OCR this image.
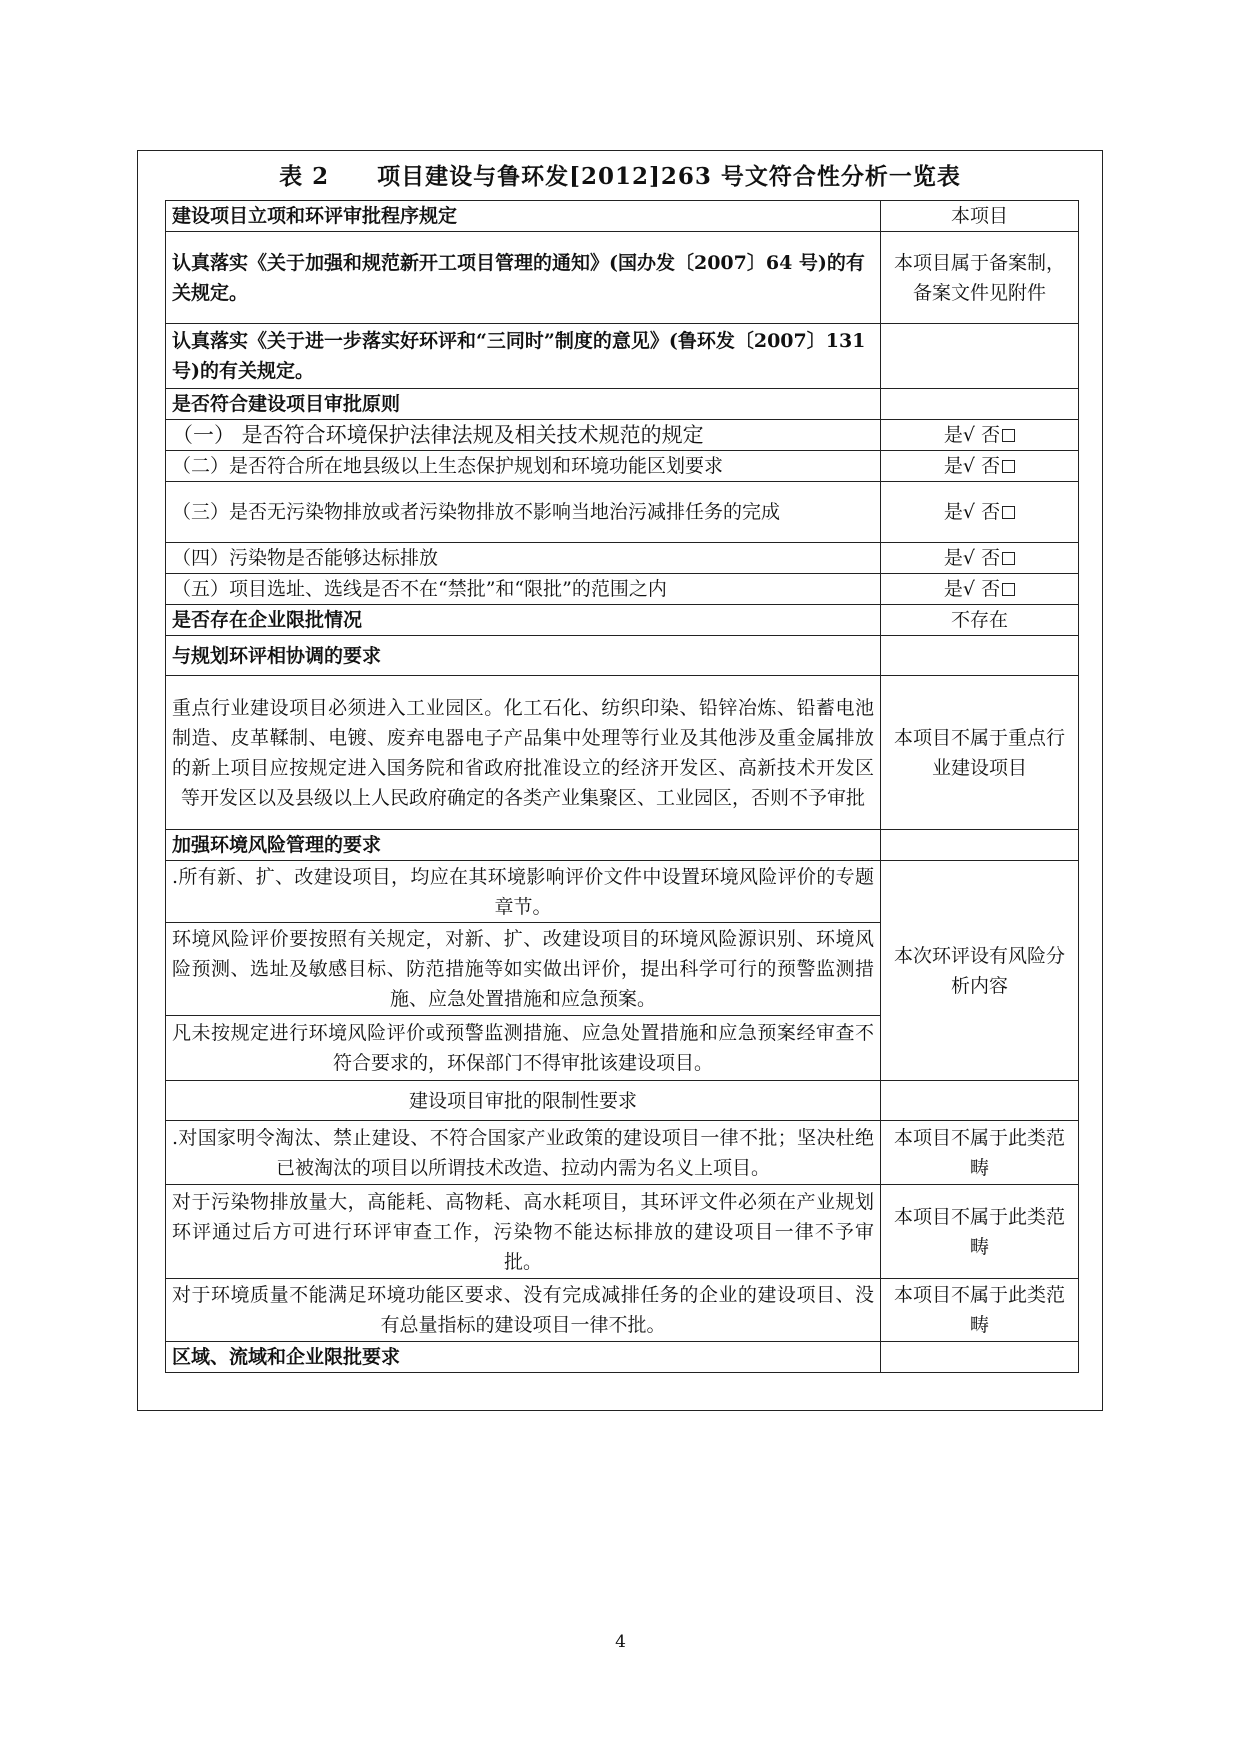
表 2 项目建设与鲁环发[2012]263 号文符合性分析一览表
建设项目立项和环评审批程序规定	本项目
认真落实《关于加强和规范新开工项目管理的通知》(国办发〔2007〕64 号)的有关规定。	本项目属于备案制，备案文件见附件
认真落实《关于进一步落实好环评和“三同时”制度的意见》(鲁环发〔2007〕131 号)的有关规定。	
是否符合建设项目审批原则	
（一） 是否符合环境保护法律法规及相关技术规范的规定	是√ 否
（二）是否符合所在地县级以上生态保护规划和环境功能区划要求	是√ 否
（三）是否无污染物排放或者污染物排放不影响当地治污减排任务的完成	是√ 否
（四）污染物是否能够达标排放	是√ 否
（五）项目选址、选线是否不在“禁批”和“限批”的范围之内	是√ 否
是否存在企业限批情况	不存在
与规划环评相协调的要求	
重点行业建设项目必须进入工业园区。化工石化、纺织印染、铅锌冶炼、铅蓄电池制造、皮革鞣制、电镀、废弃电器电子产品集中处理等行业及其他涉及重金属排放的新上项目应按规定进入国务院和省政府批准设立的经济开发区、高新技术开发区等开发区以及县级以上人民政府确定的各类产业集聚区、工业园区，否则不予审批	本项目不属于重点行业建设项目
加强环境风险管理的要求	
.所有新、扩、改建设项目，均应在其环境影响评价文件中设置环境风险评价的专题章节。	本次环评设有风险分析内容
环境风险评价要按照有关规定，对新、扩、改建设项目的环境风险源识别、环境风险预测、选址及敏感目标、防范措施等如实做出评价，提出科学可行的预警监测措施、应急处置措施和应急预案。	
凡未按规定进行环境风险评价或预警监测措施、应急处置措施和应急预案经审查不符合要求的，环保部门不得审批该建设项目。	
建设项目审批的限制性要求	
.对国家明令淘汰、禁止建设、不符合国家产业政策的建设项目一律不批；坚决杜绝已被淘汰的项目以所谓技术改造、拉动内需为名义上项目。	本项目不属于此类范畴
对于污染物排放量大，高能耗、高物耗、高水耗项目，其环评文件必须在产业规划环评通过后方可进行环评审查工作，污染物不能达标排放的建设项目一律不予审批。	本项目不属于此类范畴
对于环境质量不能满足环境功能区要求、没有完成减排任务的企业的建设项目、没有总量指标的建设项目一律不批。	本项目不属于此类范畴
区域、流域和企业限批要求	
4
